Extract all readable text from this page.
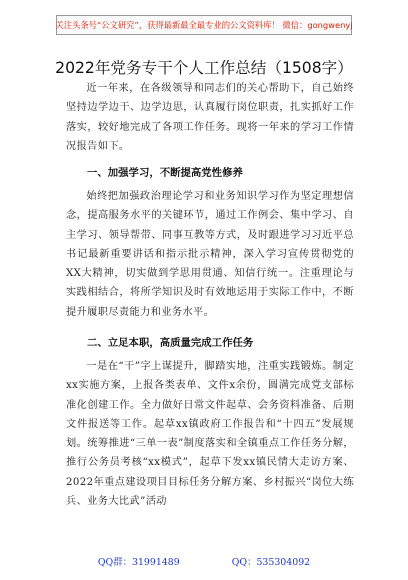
关注头条号“公文研究”，获得最新最全最专业的公文资料库！ 微信：gongwenyj
2022年党务专干个人工作总结（1508字）
近一年来，在各级领导和同志们的关心帮助下，自己始终坚持边学边干、边学边思，认真履行岗位职责，扎实抓好工作落实，较好地完成了各项工作任务。现将一年来的学习工作情况报告如下。
一、加强学习，不断提高党性修养
始终把加强政治理论学习和业务知识学习作为坚定理想信念，提高服务水平的关键环节，通过工作例会、集中学习、自主学习、领导帮带、同事互教等方式，及时跟进学习习近平总书记最新重要讲话和指示批示精神，深入学习宣传贯彻党的XX大精神，切实做到学思用贯通、知信行统一。注重理论与实践相结合，将所学知识及时有效地运用于实际工作中，不断提升履职尽责能力和业务水平。
二、立足本职，高质量完成工作任务
一是在“干”字上谋提升，脚踏实地，注重实践锻炼。制定xx实施方案，上报各类表单、文件x余份，圆满完成党支部标准化创建工作。全力做好日常文件起草、会务资料准备、后期文件报送等工作。起草xx镇政府工作报告和“十四五”发展规划。统筹推进“三单一表”制度落实和全镇重点工作任务分解，推行公务员考核“xx模式”，起草下发xx镇民情大走访方案、2022年重点建设项目目标任务分解方案、乡村振兴“岗位大练兵、业务大比武”活动
QQ群：31991489	QQ：535304092
